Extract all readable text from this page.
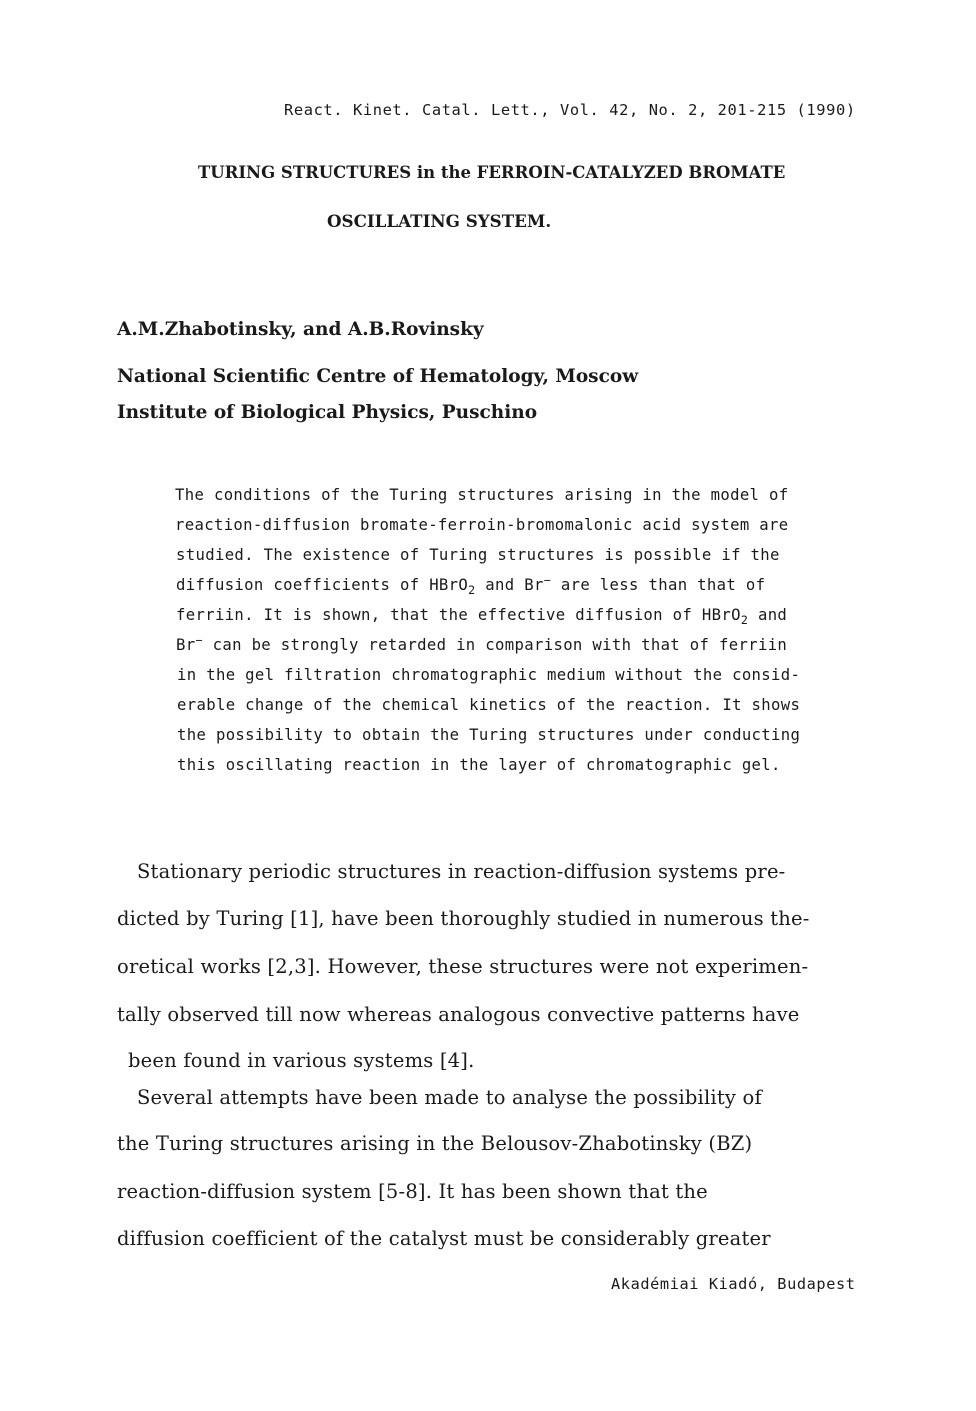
React. Kinet. Catal. Lett., Vol. 42, No. 2, 201-215 (1990)
TURING STRUCTURES in the FERROIN-CATALYZED BROMATE
OSCILLATING SYSTEM.
A.M.Zhabotinsky, and A.B.Rovinsky
National Scientific Centre of Hematology, Moscow
Institute of Biological Physics, Puschino
The conditions of the Turing structures arising in the model of
reaction-diffusion bromate-ferroin-bromomalonic acid system are
studied. The existence of Turing structures is possible if the
diffusion coefficients of HBrO$_2$ and Br− are less than that of
ferriin. It is shown, that the effective diffusion of HBrO$_2$ and
Br− can be strongly retarded in comparison with that of ferriin
in the gel filtration chromatographic medium without the consid-
erable change of the chemical kinetics of the reaction. It shows
the possibility to obtain the Turing structures under conducting
this oscillating reaction in the layer of chromatographic gel.
Stationary periodic structures in reaction-diffusion systems pre-
dicted by Turing [1], have been thoroughly studied in numerous the-
oretical works [2,3]. However, these structures were not experimen-
tally observed till now whereas analogous convective patterns have
been found in various systems [4].
Several attempts have been made to analyse the possibility of
the Turing structures arising in the Belousov-Zhabotinsky (BZ)
reaction-diffusion system [5-8]. It has been shown that the
diffusion coefficient of the catalyst must be considerably greater
Akadémiai Kiadó, Budapest
